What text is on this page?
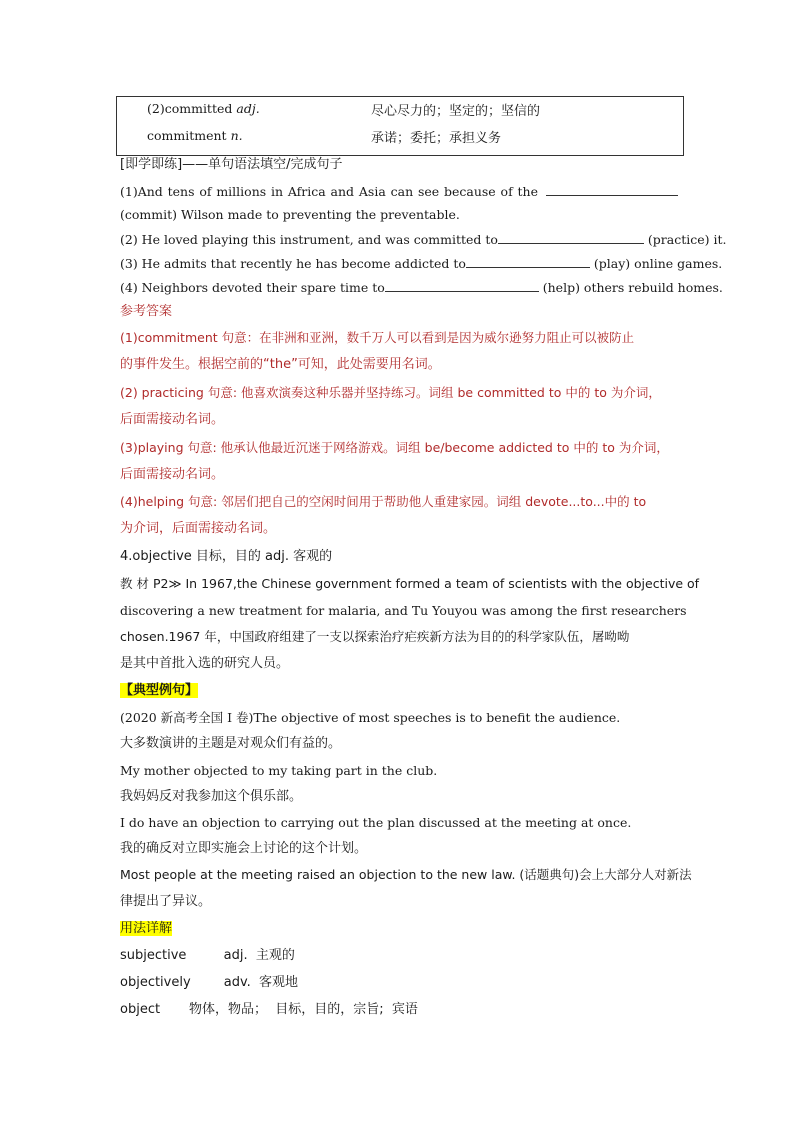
(2)committed adj.	尽心尽力的；坚定的；坚信的
commitment n.	承诺；委托；承担义务
[即学即练]——单句语法填空/完成句子
(1)And tens of millions in Africa and Asia can see because of the
(commit) Wilson made to preventing the preventable.
(2) He loved playing this instrument, and was committed to	(practice) it.
(3) He admits that recently he has become addicted to	(play) online games.
(4) Neighbors devoted their spare time to	(help) others rebuild homes.
参考答案
(1)commitment 句意：在非洲和亚洲，数千万人可以看到是因为威尔逊努力阻止可以被防止
的事件发生。根据空前的“the”可知，此处需要用名词。
(2) practicing 句意: 他喜欢演奏这种乐器并坚持练习。词组 be committed to 中的 to 为介词，
后面需接动名词。
(3)playing 句意: 他承认他最近沉迷于网络游戏。词组 be/become addicted to 中的 to 为介词，
后面需接动名词。
(4)helping 句意: 邻居们把自己的空闲时间用于帮助他人重建家园。词组 devote...to...中的 to
为介词，后面需接动名词。
4.objective 目标，目的 adj. 客观的
教 材 P2≫ In 1967,the Chinese government formed a team of scientists with the objective of
discovering a new treatment for malaria, and Tu Youyou was among the first researchers
chosen.1967 年，中国政府组建了一支以探索治疗疟疾新方法为目的的科学家队伍，屠呦呦
是其中首批入选的研究人员。
【典型例句】
(2020 新高考全国 I 卷)The objective of most speeches is to benefit the audience.
大多数演讲的主题是对观众们有益的。
My mother objected to my taking part in the club.
我妈妈反对我参加这个俱乐部。
I do have an objection to carrying out the plan discussed at the meeting at once.
我的确反对立即实施会上讨论的这个计划。
Most people at the meeting raised an objection to the new law. (话题典句)会上大部分人对新法
律提出了异议。
用法详解
subjective         adj.  主观的
objectively        adv.  客观地
object       物体，物品；  目标，目的，宗旨;  宾语
